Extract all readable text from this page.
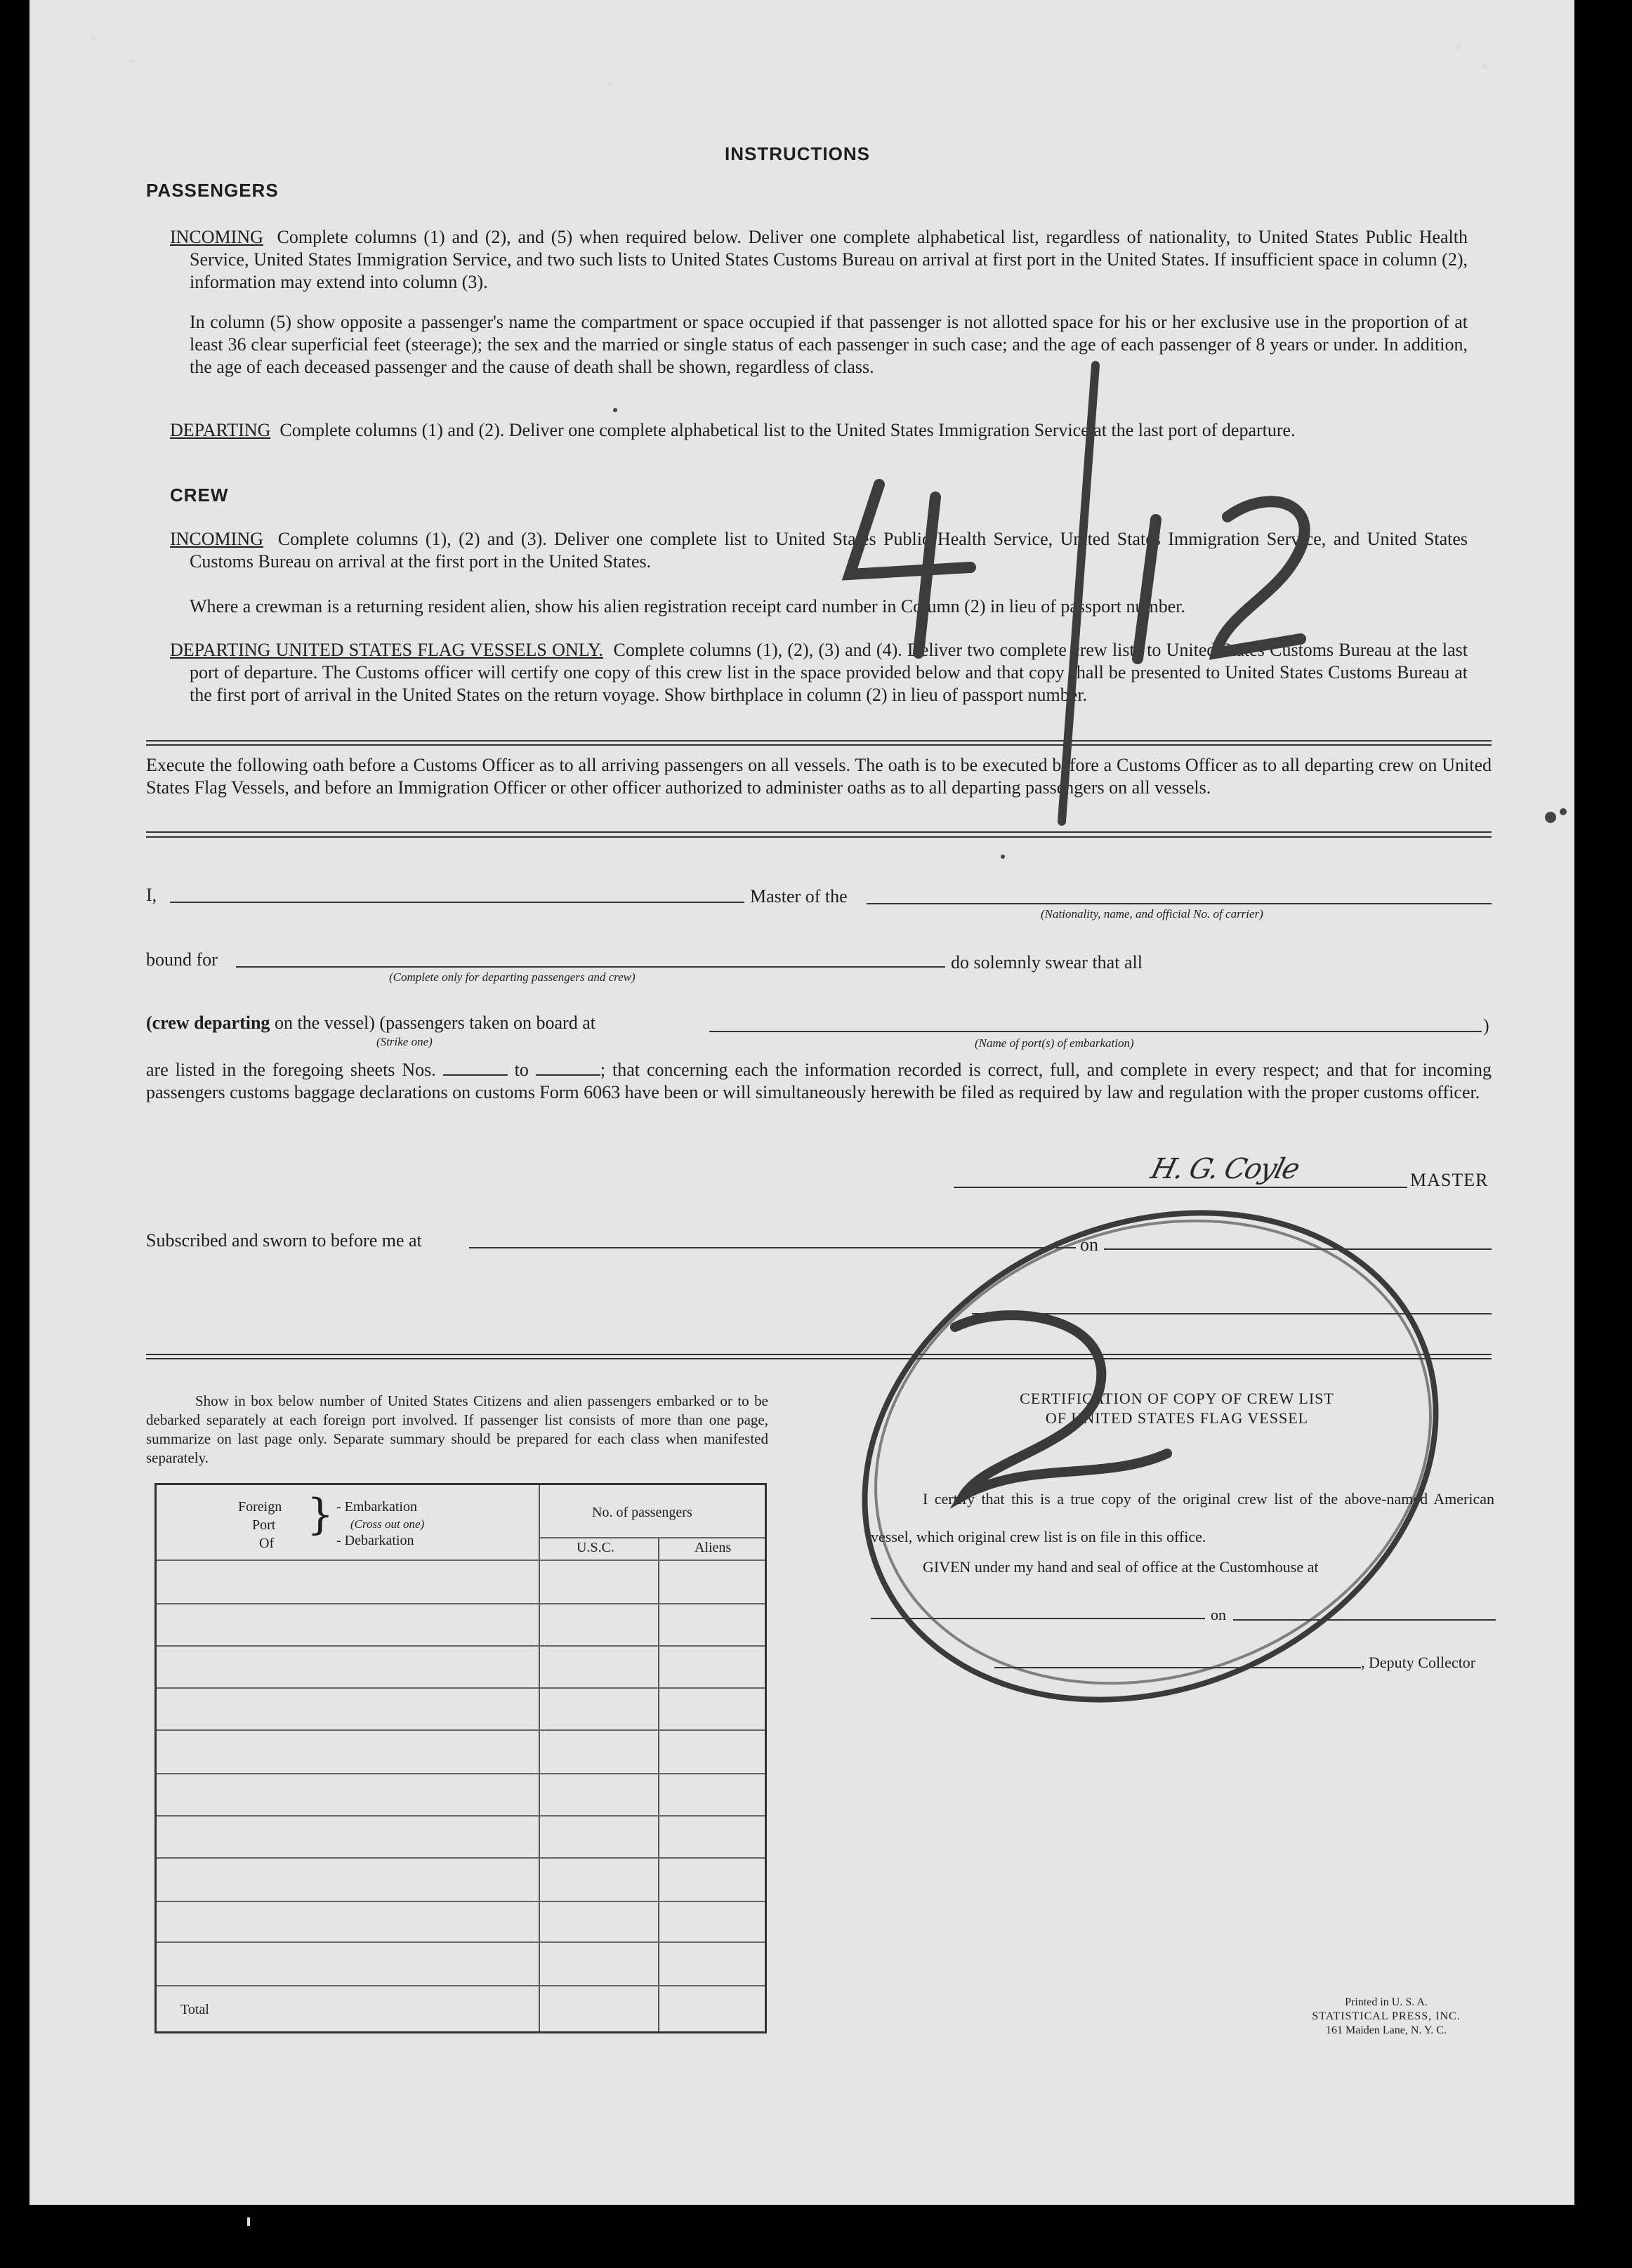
INSTRUCTIONS
PASSENGERS
INCOMING Complete columns (1) and (2), and (5) when required below. Deliver one complete alphabetical list, regardless of nationality, to United States Public Health Service, United States Immigration Service, and two such lists to United States Customs Bureau on arrival at first port in the United States. If insufficient space in column (2), information may extend into column (3).
In column (5) show opposite a passenger's name the compartment or space occupied if that passenger is not allotted space for his or her exclusive use in the proportion of at least 36 clear superficial feet (steerage); the sex and the married or single status of each passenger in such case; and the age of each passenger of 8 years or under. In addition, the age of each deceased passenger and the cause of death shall be shown, regardless of class.
DEPARTING Complete columns (1) and (2). Deliver one complete alphabetical list to the United States Immigration Service at the last port of departure.
CREW
INCOMING Complete columns (1), (2) and (3). Deliver one complete list to United States Public Health Service, United States Immigration Service, and United States Customs Bureau on arrival at the first port in the United States.
Where a crewman is a returning resident alien, show his alien registration receipt card number in Column (2) in lieu of passport number.
DEPARTING UNITED STATES FLAG VESSELS ONLY. Complete columns (1), (2), (3) and (4). Deliver two complete crew lists to United States Customs Bureau at the last port of departure. The Customs officer will certify one copy of this crew list in the space provided below and that copy shall be presented to United States Customs Bureau at the first port of arrival in the United States on the return voyage. Show birthplace in column (2) in lieu of passport number.
Execute the following oath before a Customs Officer as to all arriving passengers on all vessels. The oath is to be executed before a Customs Officer as to all departing crew on United States Flag Vessels, and before an Immigration Officer or other officer authorized to administer oaths as to all departing passengers on all vessels.
I,	Master of the
(Nationality, name, and official No. of carrier)
bound for
(Complete only for departing passengers and crew)
do solemnly swear that all
(crew departing on the vessel) (passengers taken on board at
(Strike one)	(Name of port(s) of embarkation)
)
are listed in the foregoing sheets Nos.	to	; that concerning each the information recorded is correct, full, and complete in every respect; and that for incoming passengers customs baggage declarations on customs Form 6063 have been or will simultaneously herewith be filed as required by law and regulation with the proper customs officer.
MASTER
H. G. Coyle
Subscribed and sworn to before me at	on
Show in box below number of United States Citizens and alien passengers embarked or to be debarked separately at each foreign port involved. If passenger list consists of more than one page, summarize on last page only. Separate summary should be prepared for each class when manifested separately.
Foreign
Port
Of
} - Embarkation
(Cross out one)
- Debarkation
No. of passengers
U.S.C.	Aliens
Total
CERTIFICATION OF COPY OF CREW LIST
OF UNITED STATES FLAG VESSEL
I certify that this is a true copy of the original crew list of the above-named American vessel, which original crew list is on file in this office.
GIVEN under my hand and seal of office at the Customhouse at
on
, Deputy Collector
Printed in U. S. A.
STATISTICAL PRESS, INC.
161 Maiden Lane, N. Y. C.
